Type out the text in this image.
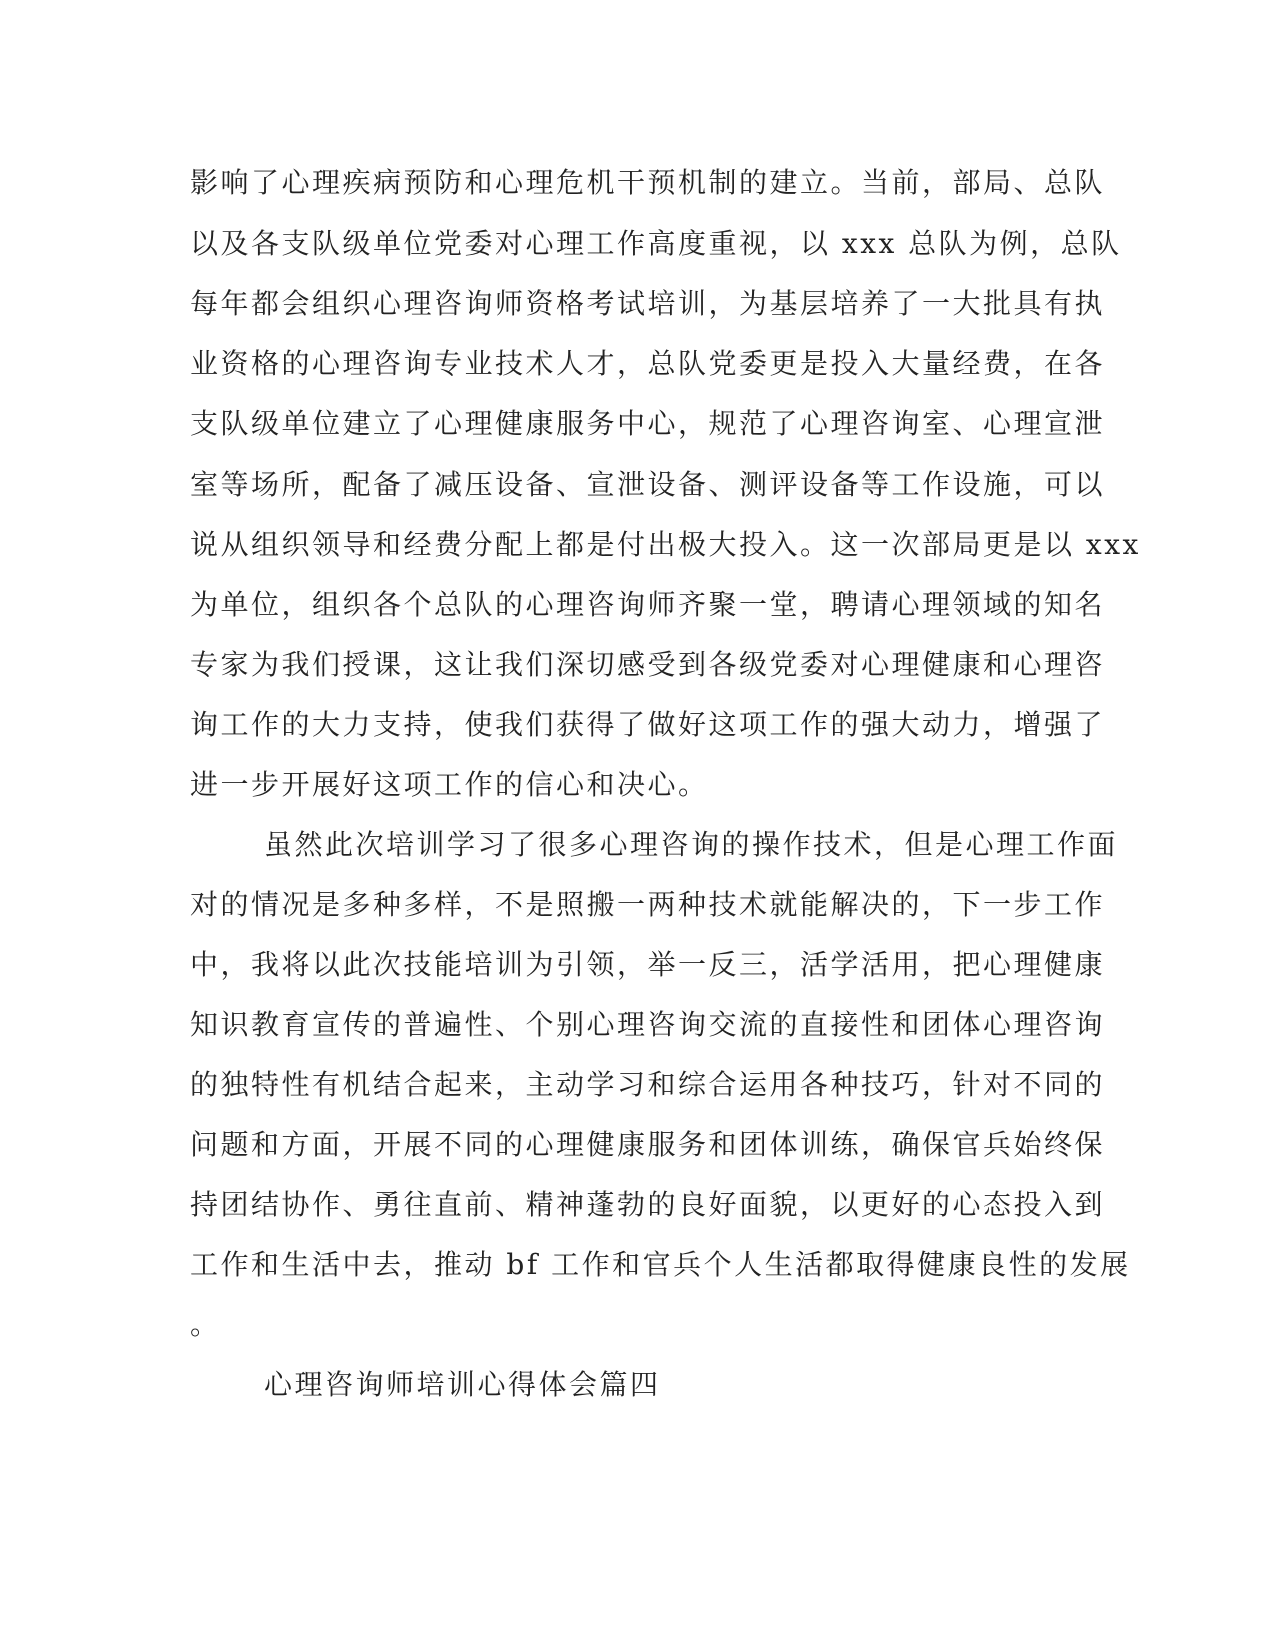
影响了心理疾病预防和心理危机干预机制的建立。当前，部局、总队
以及各支队级单位党委对心理工作高度重视，以 xxx 总队为例，总队
每年都会组织心理咨询师资格考试培训，为基层培养了一大批具有执
业资格的心理咨询专业技术人才，总队党委更是投入大量经费，在各
支队级单位建立了心理健康服务中心，规范了心理咨询室、心理宣泄
室等场所，配备了减压设备、宣泄设备、测评设备等工作设施，可以
说从组织领导和经费分配上都是付出极大投入。这一次部局更是以 xxx
为单位，组织各个总队的心理咨询师齐聚一堂，聘请心理领域的知名
专家为我们授课，这让我们深切感受到各级党委对心理健康和心理咨
询工作的大力支持，使我们获得了做好这项工作的强大动力，增强了
进一步开展好这项工作的信心和决心。
虽然此次培训学习了很多心理咨询的操作技术，但是心理工作面
对的情况是多种多样，不是照搬一两种技术就能解决的，下一步工作
中，我将以此次技能培训为引领，举一反三，活学活用，把心理健康
知识教育宣传的普遍性、个别心理咨询交流的直接性和团体心理咨询
的独特性有机结合起来，主动学习和综合运用各种技巧，针对不同的
问题和方面，开展不同的心理健康服务和团体训练，确保官兵始终保
持团结协作、勇往直前、精神蓬勃的良好面貌，以更好的心态投入到
工作和生活中去，推动 bf 工作和官兵个人生活都取得健康良性的发展
。
心理咨询师培训心得体会篇四
